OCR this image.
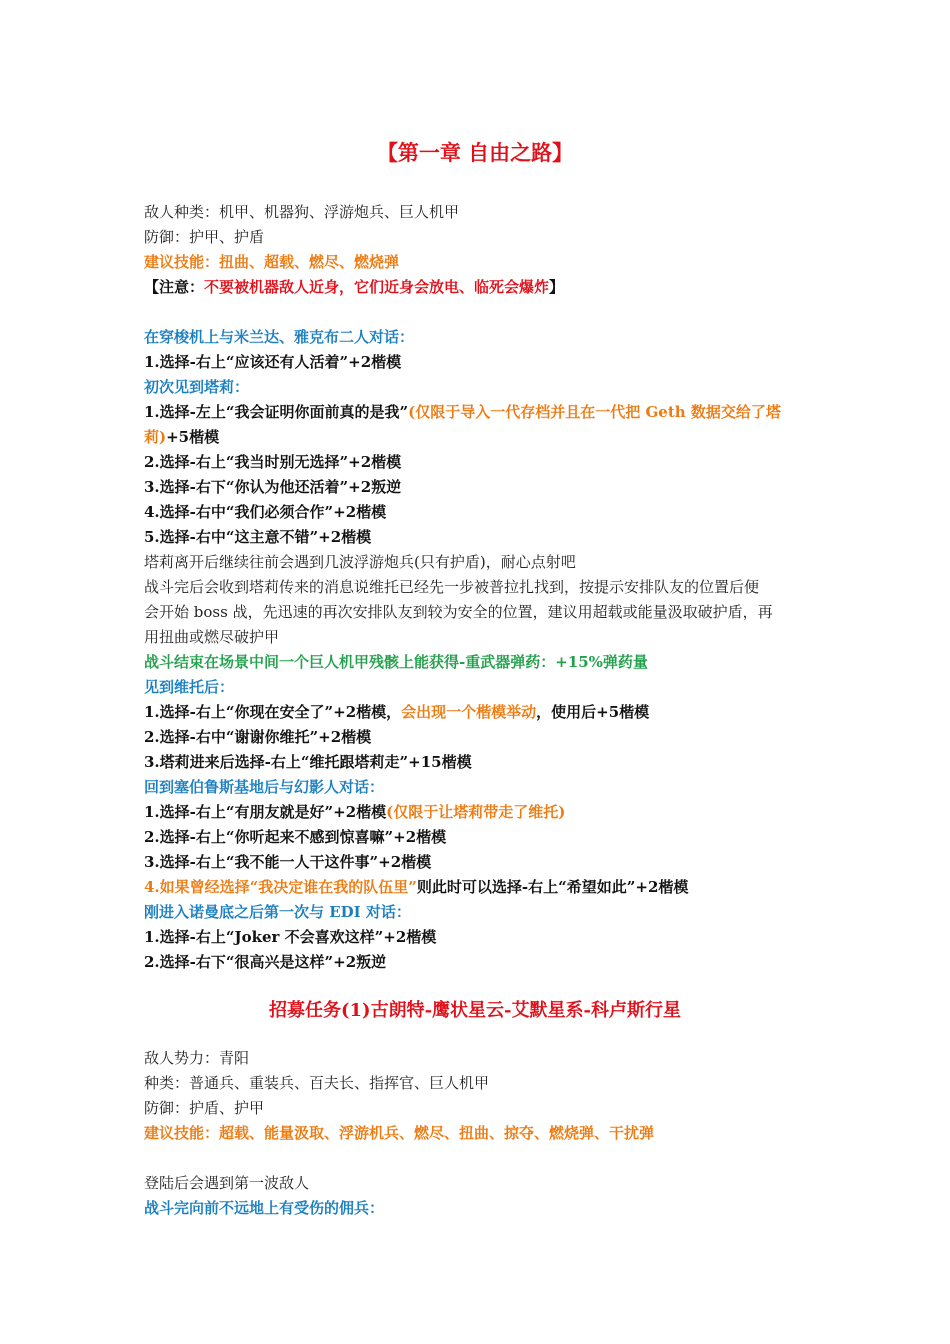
【第一章 自由之路】
敌人种类：机甲、机器狗、浮游炮兵、巨人机甲
防御：护甲、护盾
建议技能：扭曲、超载、燃尽、燃烧弹
【注意：不要被机器敌人近身，它们近身会放电、临死会爆炸】
在穿梭机上与米兰达、雅克布二人对话：
1.选择-右上“应该还有人活着”+2楷模
初次见到塔莉：
1.选择-左上“我会证明你面前真的是我”(仅限于导入一代存档并且在一代把 Geth 数据交给了塔莉)+5楷模
2.选择-右上“我当时别无选择”+2楷模
3.选择-右下“你认为他还活着”+2叛逆
4.选择-右中“我们必须合作”+2楷模
5.选择-右中“这主意不错”+2楷模
塔莉离开后继续往前会遇到几波浮游炮兵(只有护盾)，耐心点射吧
战斗完后会收到塔莉传来的消息说维托已经先一步被普拉扎找到，按提示安排队友的位置后便
会开始 boss 战，先迅速的再次安排队友到较为安全的位置，建议用超载或能量汲取破护盾，再
用扭曲或燃尽破护甲
战斗结束在场景中间一个巨人机甲残骸上能获得-重武器弹药：+15%弹药量
见到维托后：
1.选择-右上“你现在安全了”+2楷模，会出现一个楷模举动，使用后+5楷模
2.选择-右中“谢谢你维托”+2楷模
3.塔莉进来后选择-右上“维托跟塔莉走”+15楷模
回到塞伯鲁斯基地后与幻影人对话：
1.选择-右上“有朋友就是好”+2楷模(仅限于让塔莉带走了维托)
2.选择-右上“你听起来不感到惊喜嘛”+2楷模
3.选择-右上“我不能一人干这件事”+2楷模
4.如果曾经选择“我决定谁在我的队伍里”则此时可以选择-右上“希望如此”+2楷模
刚进入诺曼底之后第一次与 EDI 对话：
1.选择-右上“Joker 不会喜欢这样”+2楷模
2.选择-右下“很高兴是这样”+2叛逆
招募任务(1)古朗特-鹰状星云-艾默星系-科卢斯行星
敌人势力：青阳
种类：普通兵、重装兵、百夫长、指挥官、巨人机甲
防御：护盾、护甲
建议技能：超载、能量汲取、浮游机兵、燃尽、扭曲、掠夺、燃烧弹、干扰弹
登陆后会遇到第一波敌人
战斗完向前不远地上有受伤的佣兵：
